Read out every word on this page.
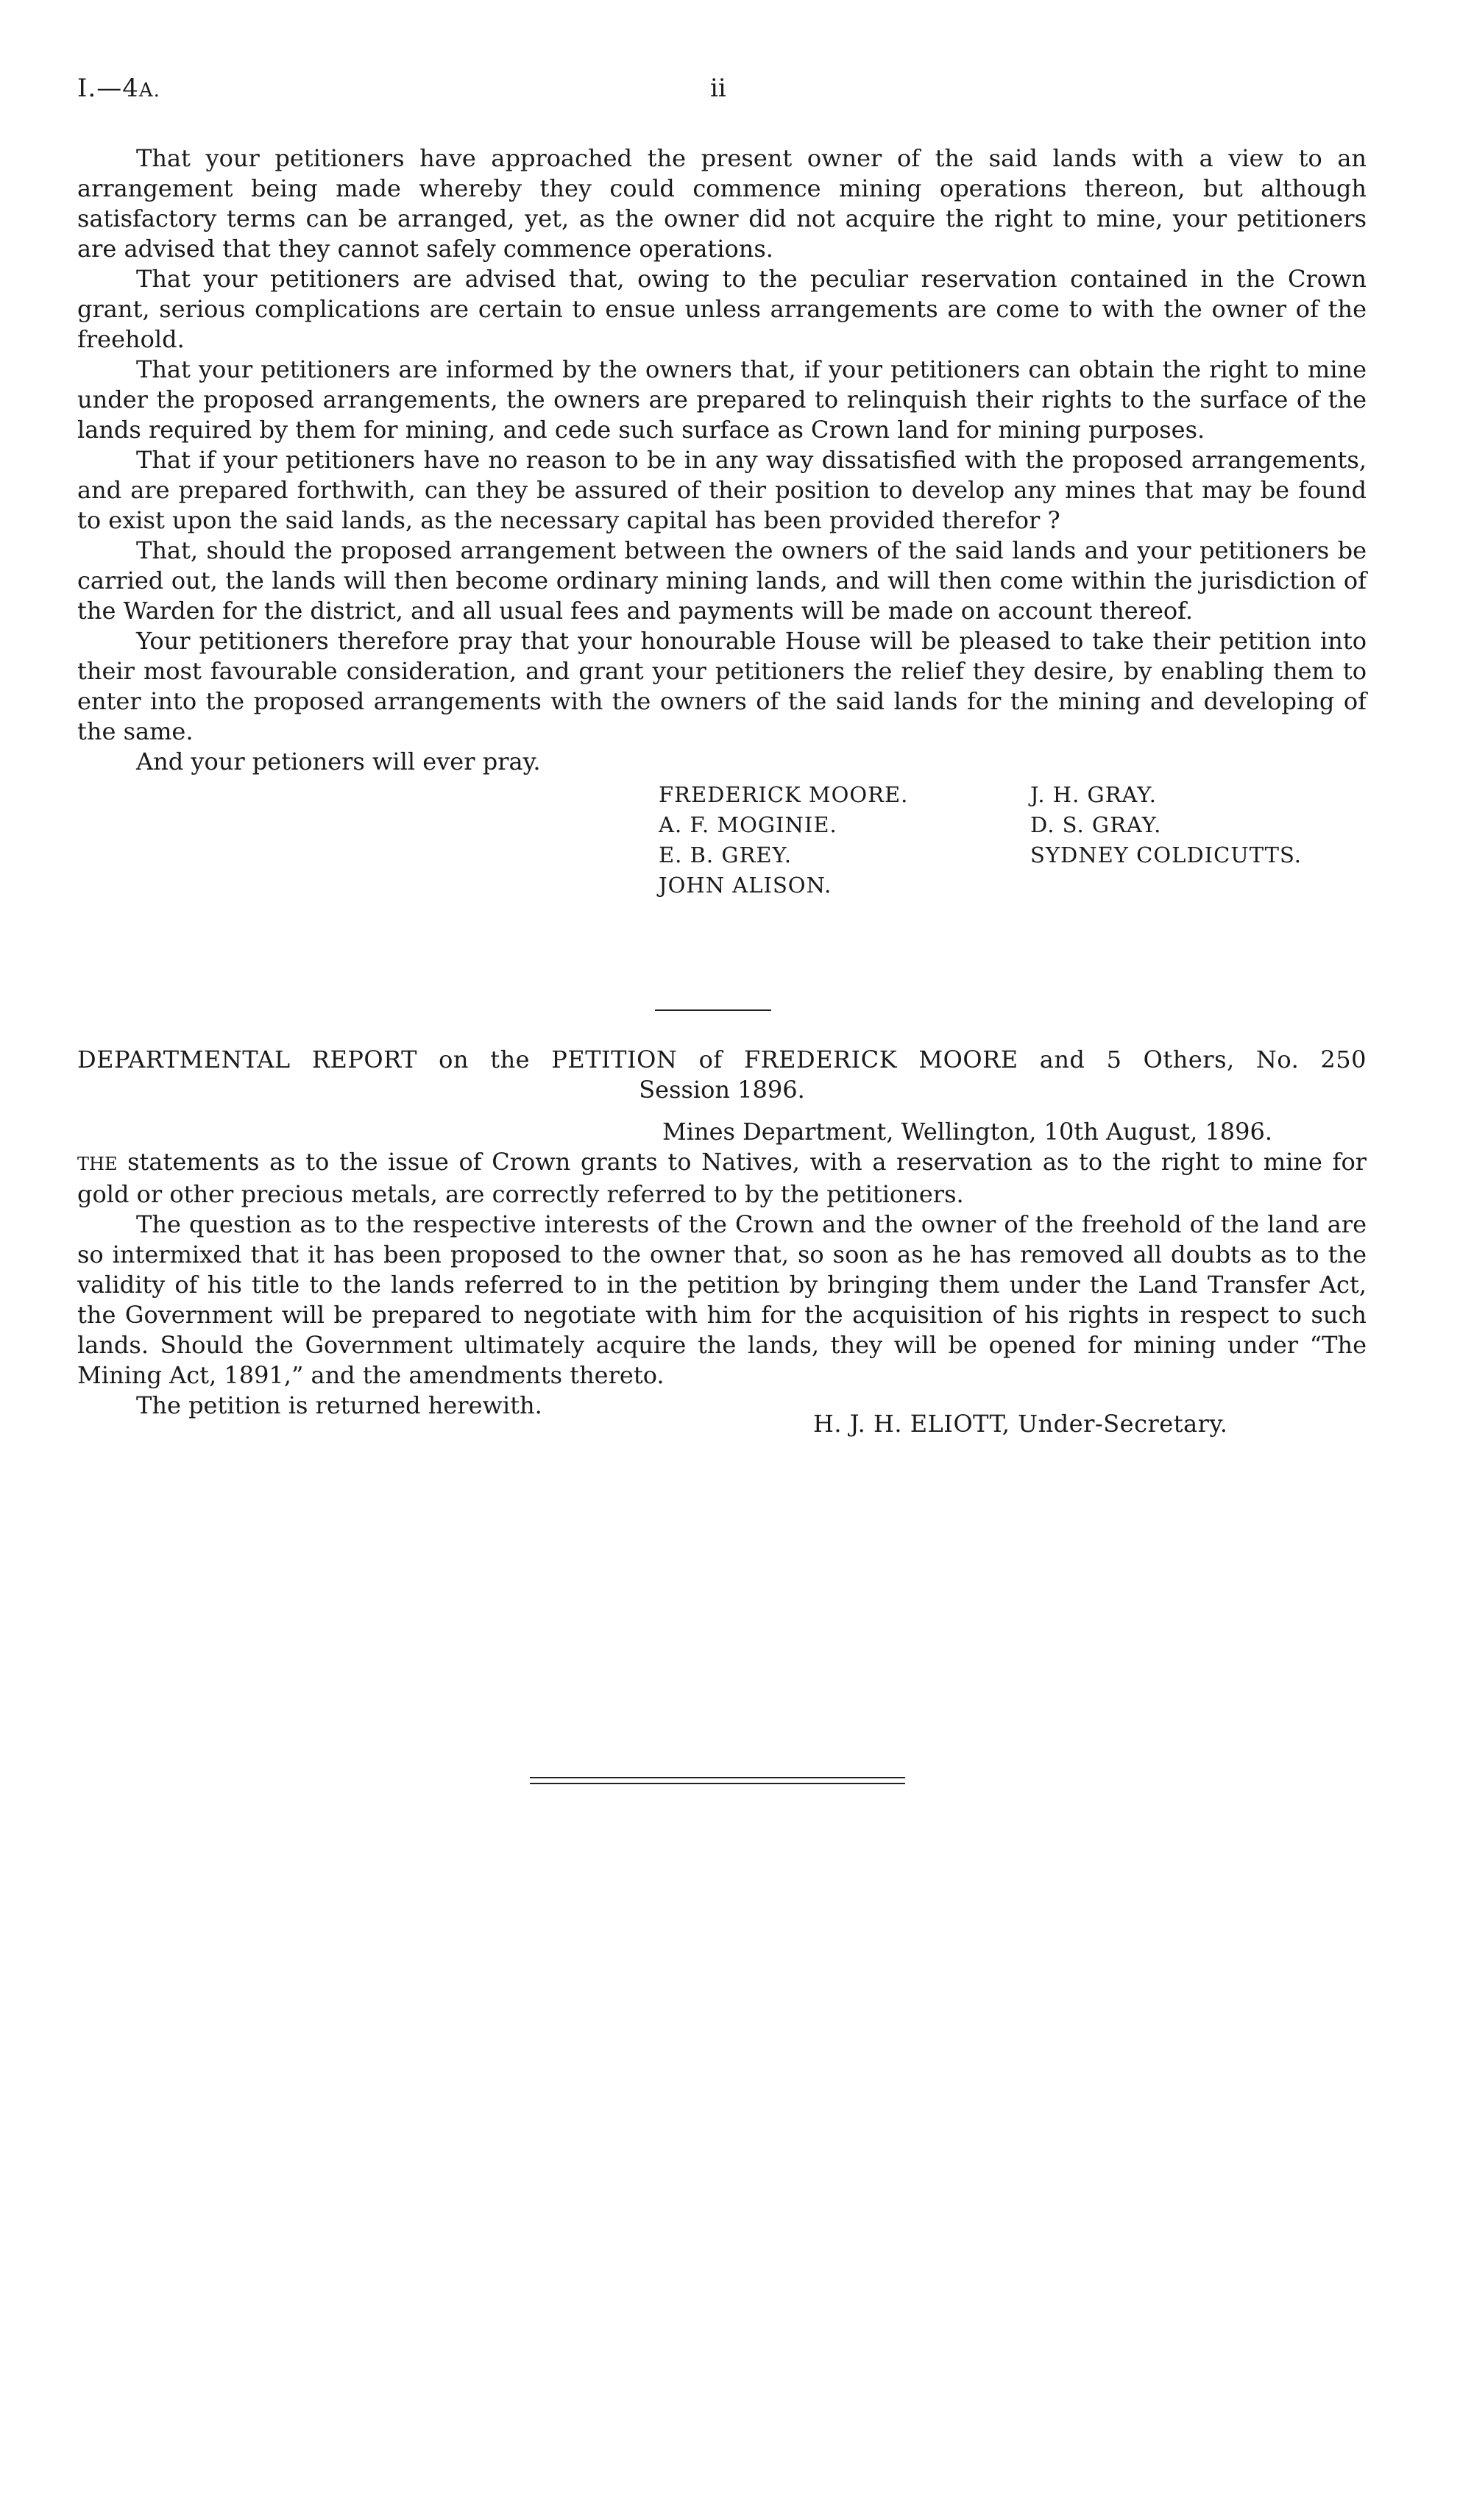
I.—4A.	ii

That your petitioners have approached the present owner of the said lands with a view to an arrangement being made whereby they could commence mining operations thereon, but although satisfactory terms can be arranged, yet, as the owner did not acquire the right to mine, your petitioners are advised that they cannot safely commence operations.

That your petitioners are advised that, owing to the peculiar reservation contained in the Crown grant, serious complications are certain to ensue unless arrangements are come to with the owner of the freehold.

That your petitioners are informed by the owners that, if your petitioners can obtain the right to mine under the proposed arrangements, the owners are prepared to relinquish their rights to the surface of the lands required by them for mining, and cede such surface as Crown land for mining purposes.

That if your petitioners have no reason to be in any way dissatisfied with the proposed arrangements, and are prepared forthwith, can they be assured of their position to develop any mines that may be found to exist upon the said lands, as the necessary capital has been provided therefor ?

That, should the proposed arrangement between the owners of the said lands and your petitioners be carried out, the lands will then become ordinary mining lands, and will then come within the jurisdiction of the Warden for the district, and all usual fees and payments will be made on account thereof.

Your petitioners therefore pray that your honourable House will be pleased to take their petition into their most favourable consideration, and grant your petitioners the relief they desire, by enabling them to enter into the proposed arrangements with the owners of the said lands for the mining and developing of the same.

And your petioners will ever pray.

FREDERICK MOORE.
A. F. MOGINIE.
E. B. GREY.
JOHN ALISON.
J. H. GRAY.
D. S. GRAY.
SYDNEY COLDICUTTS.
DEPARTMENTAL REPORT on the PETITION of FREDERICK MOORE and 5 Others, No. 250
Session 1896.
Mines Department, Wellington, 10th August, 1896.

THE statements as to the issue of Crown grants to Natives, with a reservation as to the right to mine for gold or other precious metals, are correctly referred to by the petitioners.

The question as to the respective interests of the Crown and the owner of the freehold of the land are so intermixed that it has been proposed to the owner that, so soon as he has removed all doubts as to the validity of his title to the lands referred to in the petition by bringing them under the Land Transfer Act, the Government will be prepared to negotiate with him for the acquisition of his rights in respect to such lands. Should the Government ultimately acquire the lands, they will be opened for mining under “The Mining Act, 1891,” and the amendments thereto.

The petition is returned herewith.

H. J. H. ELIOTT, Under-Secretary.
